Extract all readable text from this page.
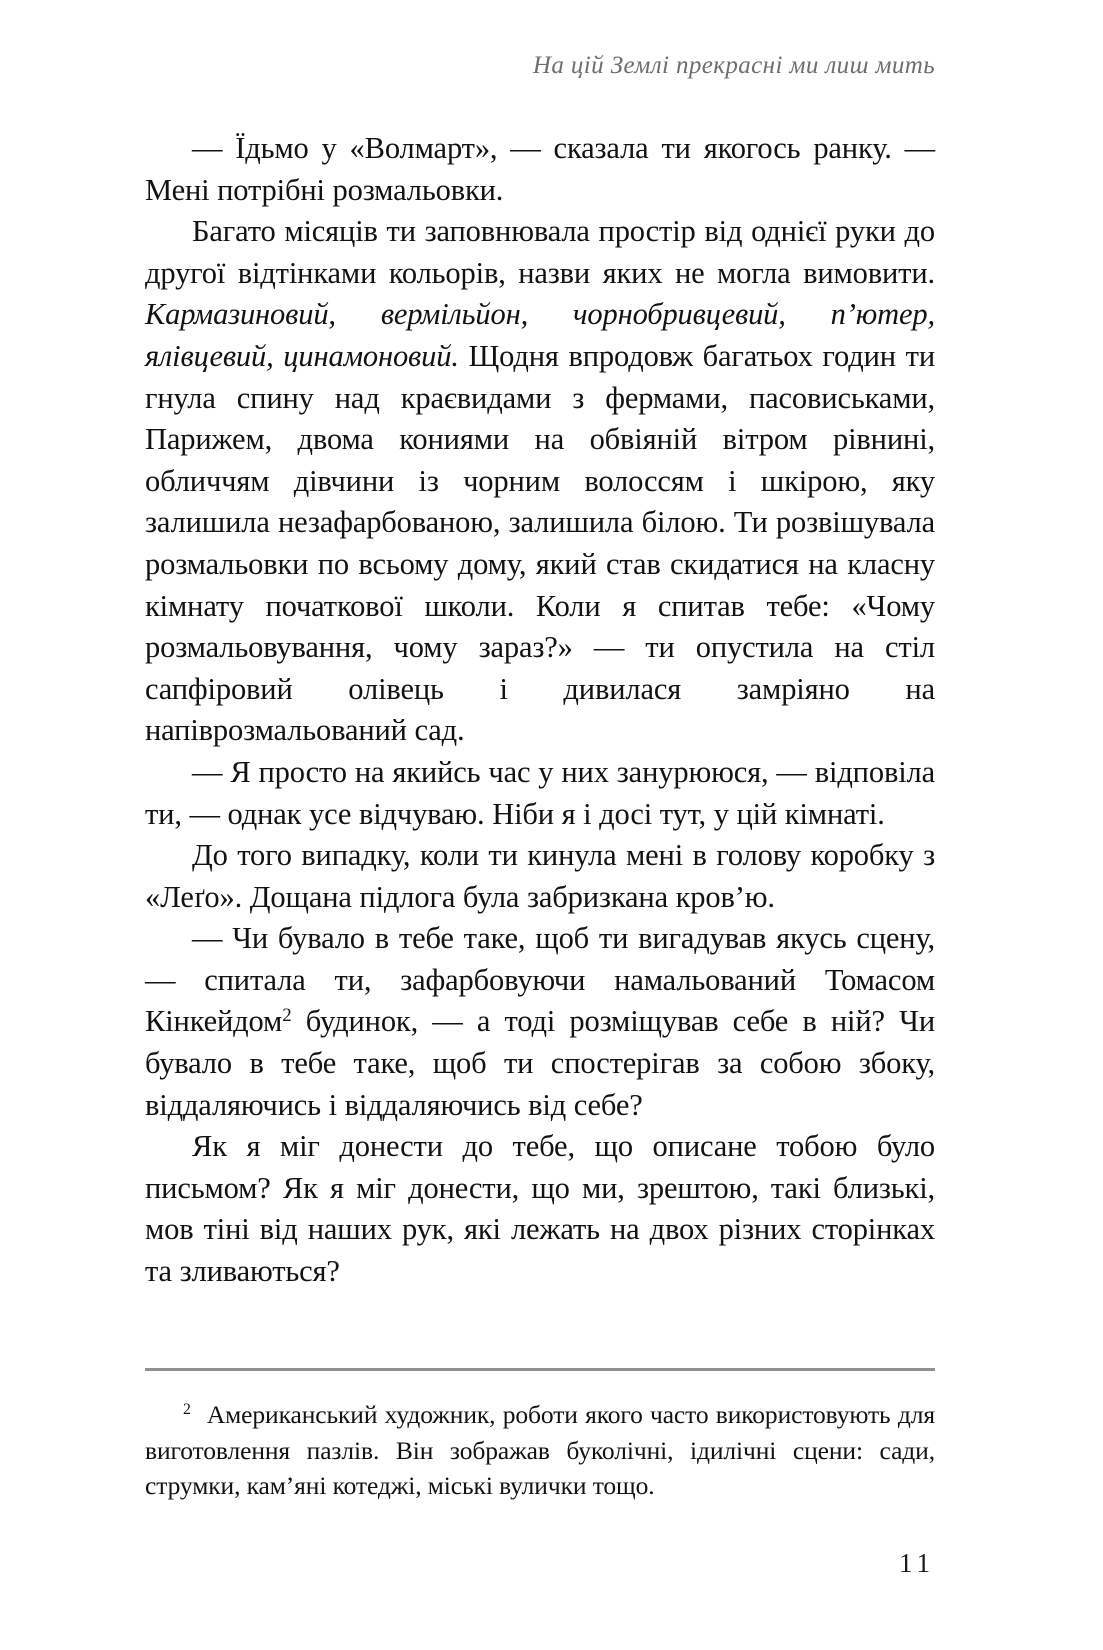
На цій Землі прекрасні ми лиш мить

— Їдьмо у «Волмарт», — сказала ти якогось ранку. — Мені потрібні розмальовки.

Багато місяців ти заповнювала простір від однієї руки до другої відтінками кольорів, назви яких не могла вимовити. Кармазиновий, вермільйон, чорнобривцевий, п’ютер, ялівцевий, цинамоновий. Щодня впродовж багатьох годин ти гнула спину над краєвидами з фермами, пасовиськами, Парижем, двома кониями на обвіяній вітром рівнині, обличчям дівчини із чорним волоссям і шкірою, яку залишила незафарбованою, залишила білою. Ти розвішувала розмальовки по всьому дому, який став скидатися на класну кімнату початкової школи. Коли я спитав тебе: «Чому розмальовування, чому зараз?» — ти опустила на стіл сапфіровий олівець і дивилася замріяно на напіврозмальований сад.

— Я просто на якийсь час у них занурююся, — відповіла ти, — однак усе відчуваю. Ніби я і досі тут, у цій кімнаті.

До того випадку, коли ти кинула мені в голову коробку з «Леґо». Дощана підлога була забризкана кров’ю.

— Чи бувало в тебе таке, щоб ти вигадував якусь сцену, — спитала ти, зафарбовуючи намальований Томасом Кінкейдом$^2$ будинок, — а тоді розміщував себе в ній? Чи бувало в тебе таке, щоб ти спостерігав за собою збоку, віддаляючись і віддаляючись від себе?

Як я міг донести до тебе, що описане тобою було письмом? Як я міг донести, що ми, зрештою, такі близькі, мов тіні від наших рук, які лежать на двох різних сторінках та зливаються?

$^2$ Американський художник, роботи якого часто використовують для виготовлення пазлів. Він зображав буколічні, ідилічні сцени: сади, струмки, кам’яні котеджі, міські вулички тощо.

11
